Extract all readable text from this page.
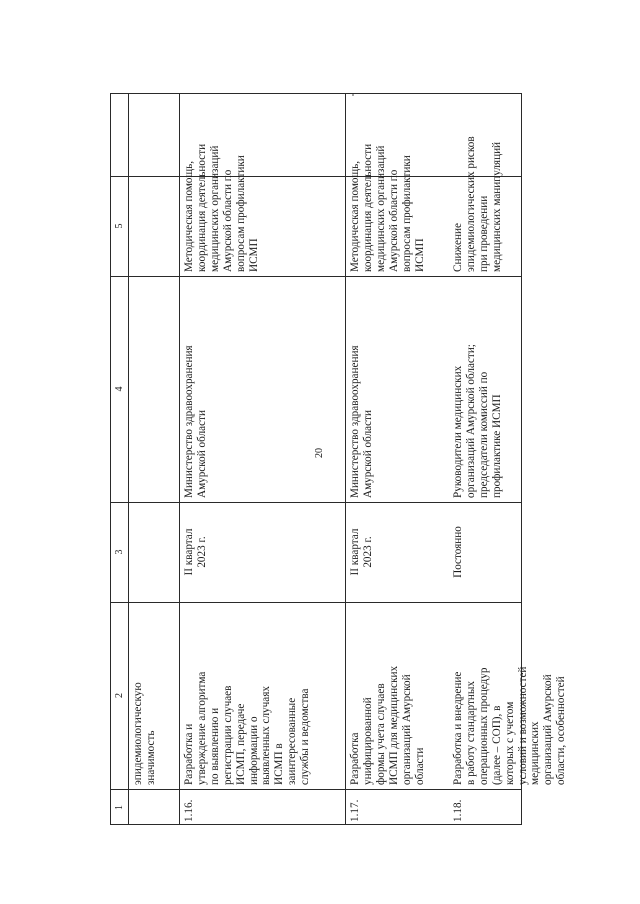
20
1
2
3
4
5
эпидемиологическую значимость
1.16.
Разработка и утверждение алгоритма по выявлению и регистрации случаев ИСМП, передаче информации о выявленных случаях ИСМП в заинтересованные службы и ведомства
II квартал 2023 г.
Министерство здравоохранения Амурской области
Методическая помощь, координация деятельности медицинских организаций Амурской области по вопросам профилактики ИСМП
1.17.
Разработка унифицированной формы учета случаев ИСМП для медицинских организаций Амурской области
II квартал 2023 г.
Министерство здравоохранения Амурской области
Методическая помощь, координация деятельности медицинских организаций Амурской области по вопросам профилактики ИСМП
1.18.
Разработка и внедрение в работу стандартных операционных процедур (далее – СОП), в которых с учетом условий и возможностей медицинских организаций Амурской области, особенностей
Постоянно
Руководители медицинских организаций Амурской области; председатели комиссий по профилактике ИСМП
Снижение эпидемиологических рисков при проведении медицинских манипуляций
